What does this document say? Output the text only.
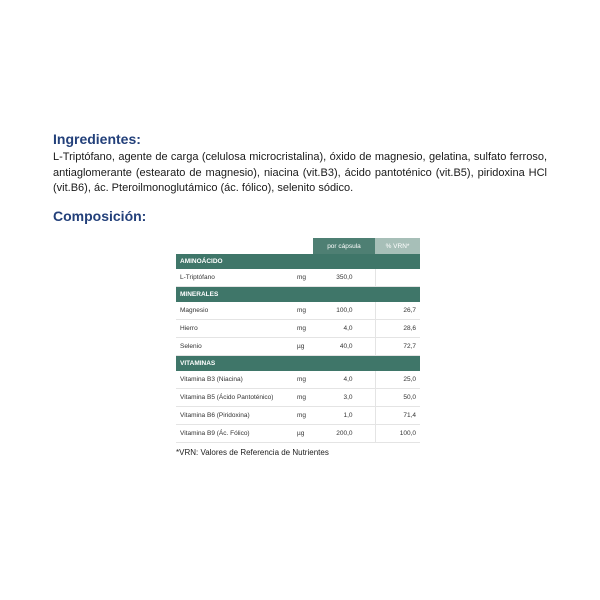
Ingredientes:

L-Triptófano, agente de carga (celulosa microcristalina), óxido de magnesio, gelatina, sulfato ferroso, antiaglomerante (estearato de magnesio), niacina (vit.B3), ácido pantoténico (vit.B5), piridoxina HCl (vit.B6), ác. Pteroilmonoglutámico (ác. fólico), selenito sódico.

Composición:
		por cápsula	% VRN*
AMINOÁCIDO			
L-Triptófano	mg	350,0	
MINERALES			
Magnesio	mg	100,0	26,7
Hierro	mg	4,0	28,6
Selenio	µg	40,0	72,7
VITAMINAS			
Vitamina B3 (Niacina)	mg	4,0	25,0
Vitamina B5 (Ácido Pantoténico)	mg	3,0	50,0
Vitamina B6 (Piridoxina)	mg	1,0	71,4
Vitamina B9 (Ác. Fólico)	µg	200,0	100,0

*VRN: Valores de Referencia de Nutrientes
